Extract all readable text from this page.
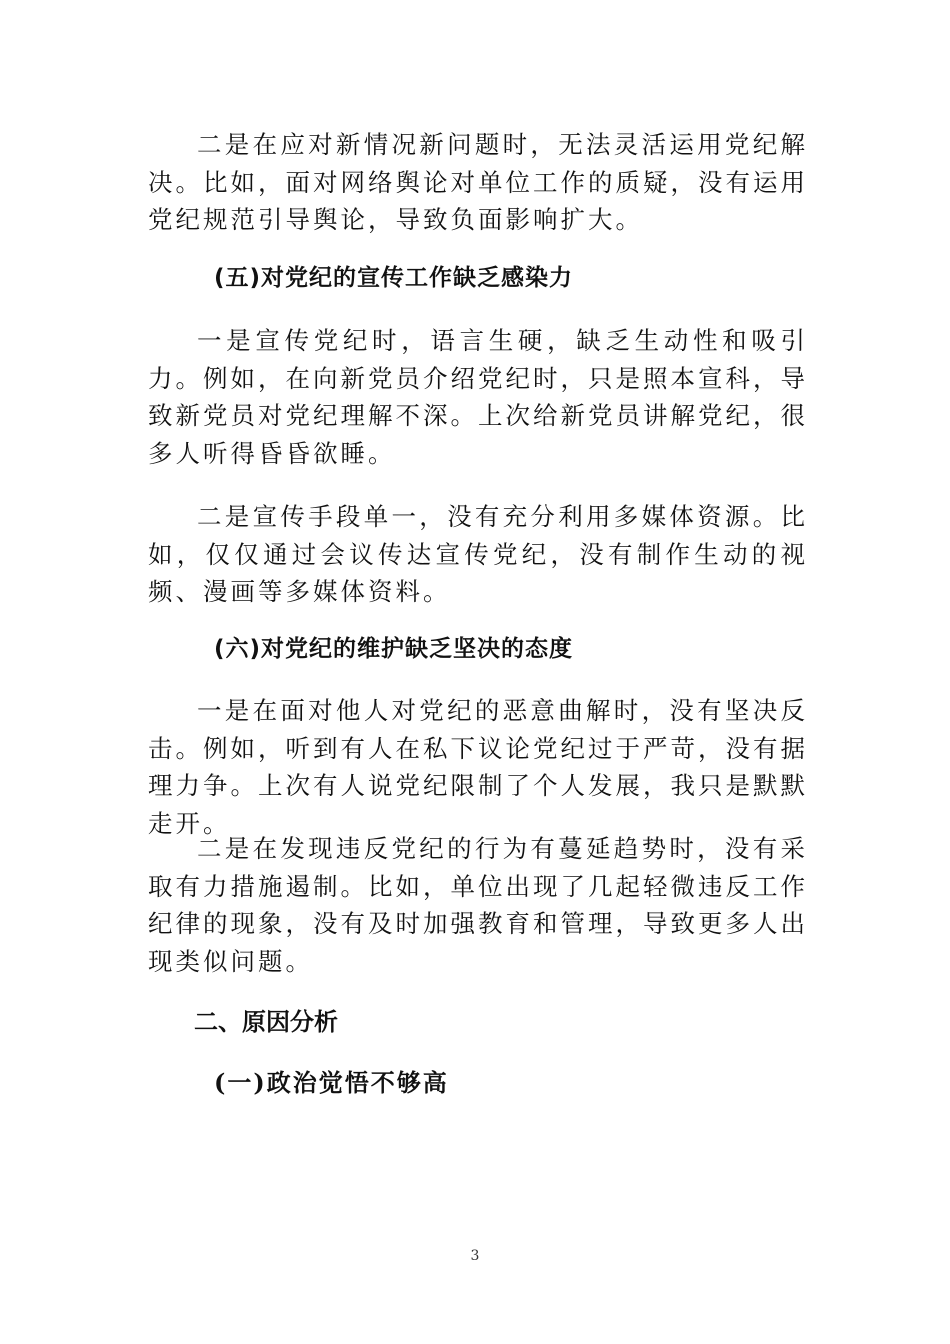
二是在应对新情况新问题时，无法灵活运用党纪解决。比如，面对网络舆论对单位工作的质疑，没有运用党纪规范引导舆论，导致负面影响扩大。

(五)对党纪的宣传工作缺乏感染力

一是宣传党纪时，语言生硬，缺乏生动性和吸引力。例如，在向新党员介绍党纪时，只是照本宣科，导致新党员对党纪理解不深。上次给新党员讲解党纪，很多人听得昏昏欲睡。

二是宣传手段单一，没有充分利用多媒体资源。比如，仅仅通过会议传达宣传党纪，没有制作生动的视频、漫画等多媒体资料。

(六)对党纪的维护缺乏坚决的态度

一是在面对他人对党纪的恶意曲解时，没有坚决反击。例如，听到有人在私下议论党纪过于严苛，没有据理力争。上次有人说党纪限制了个人发展，我只是默默走开。

二是在发现违反党纪的行为有蔓延趋势时，没有采取有力措施遏制。比如，单位出现了几起轻微违反工作纪律的现象，没有及时加强教育和管理，导致更多人出现类似问题。

二、原因分析
(一)政治觉悟不够高
3
